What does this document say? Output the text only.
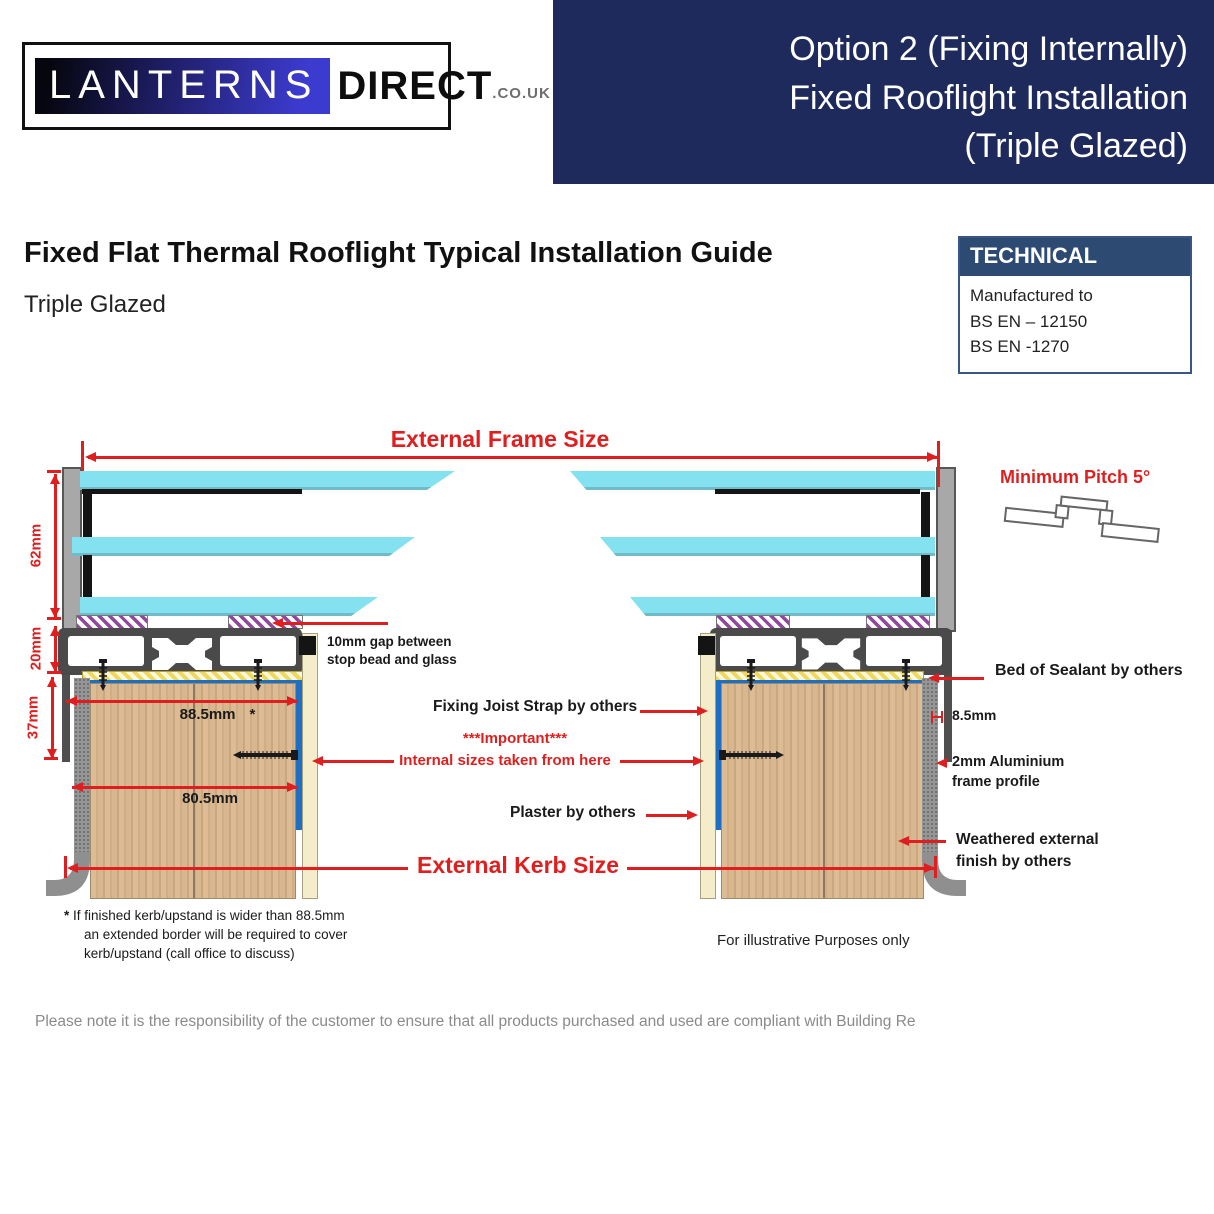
LANTERNS DIRECT .CO.UK
Option 2 (Fixing Internally)
Fixed Rooflight Installation
(Triple Glazed)
Fixed Flat Thermal Rooflight Typical Installation Guide
Triple Glazed
TECHNICAL
Manufactured to
BS EN – 12150
BS EN -1270
External Frame Size
62mm
20mm
37mm	88.5mm *
80.5mm
External Kerb Size
10mm gap between
stop bead and glass
Fixing Joist Strap by others
***Important***
Internal sizes taken from here
Plaster by others
Bed of Sealant by others
8.5mm
2mm Aluminium
frame profile
Weathered external
finish by others
Minimum Pitch 5°
* If finished kerb/upstand is wider than 88.5mm
an extended border will be required to cover
kerb/upstand (call office to discuss)
For illustrative Purposes only
Please note it is the responsibility of the customer to ensure that all products purchased and used are compliant with Building Re
